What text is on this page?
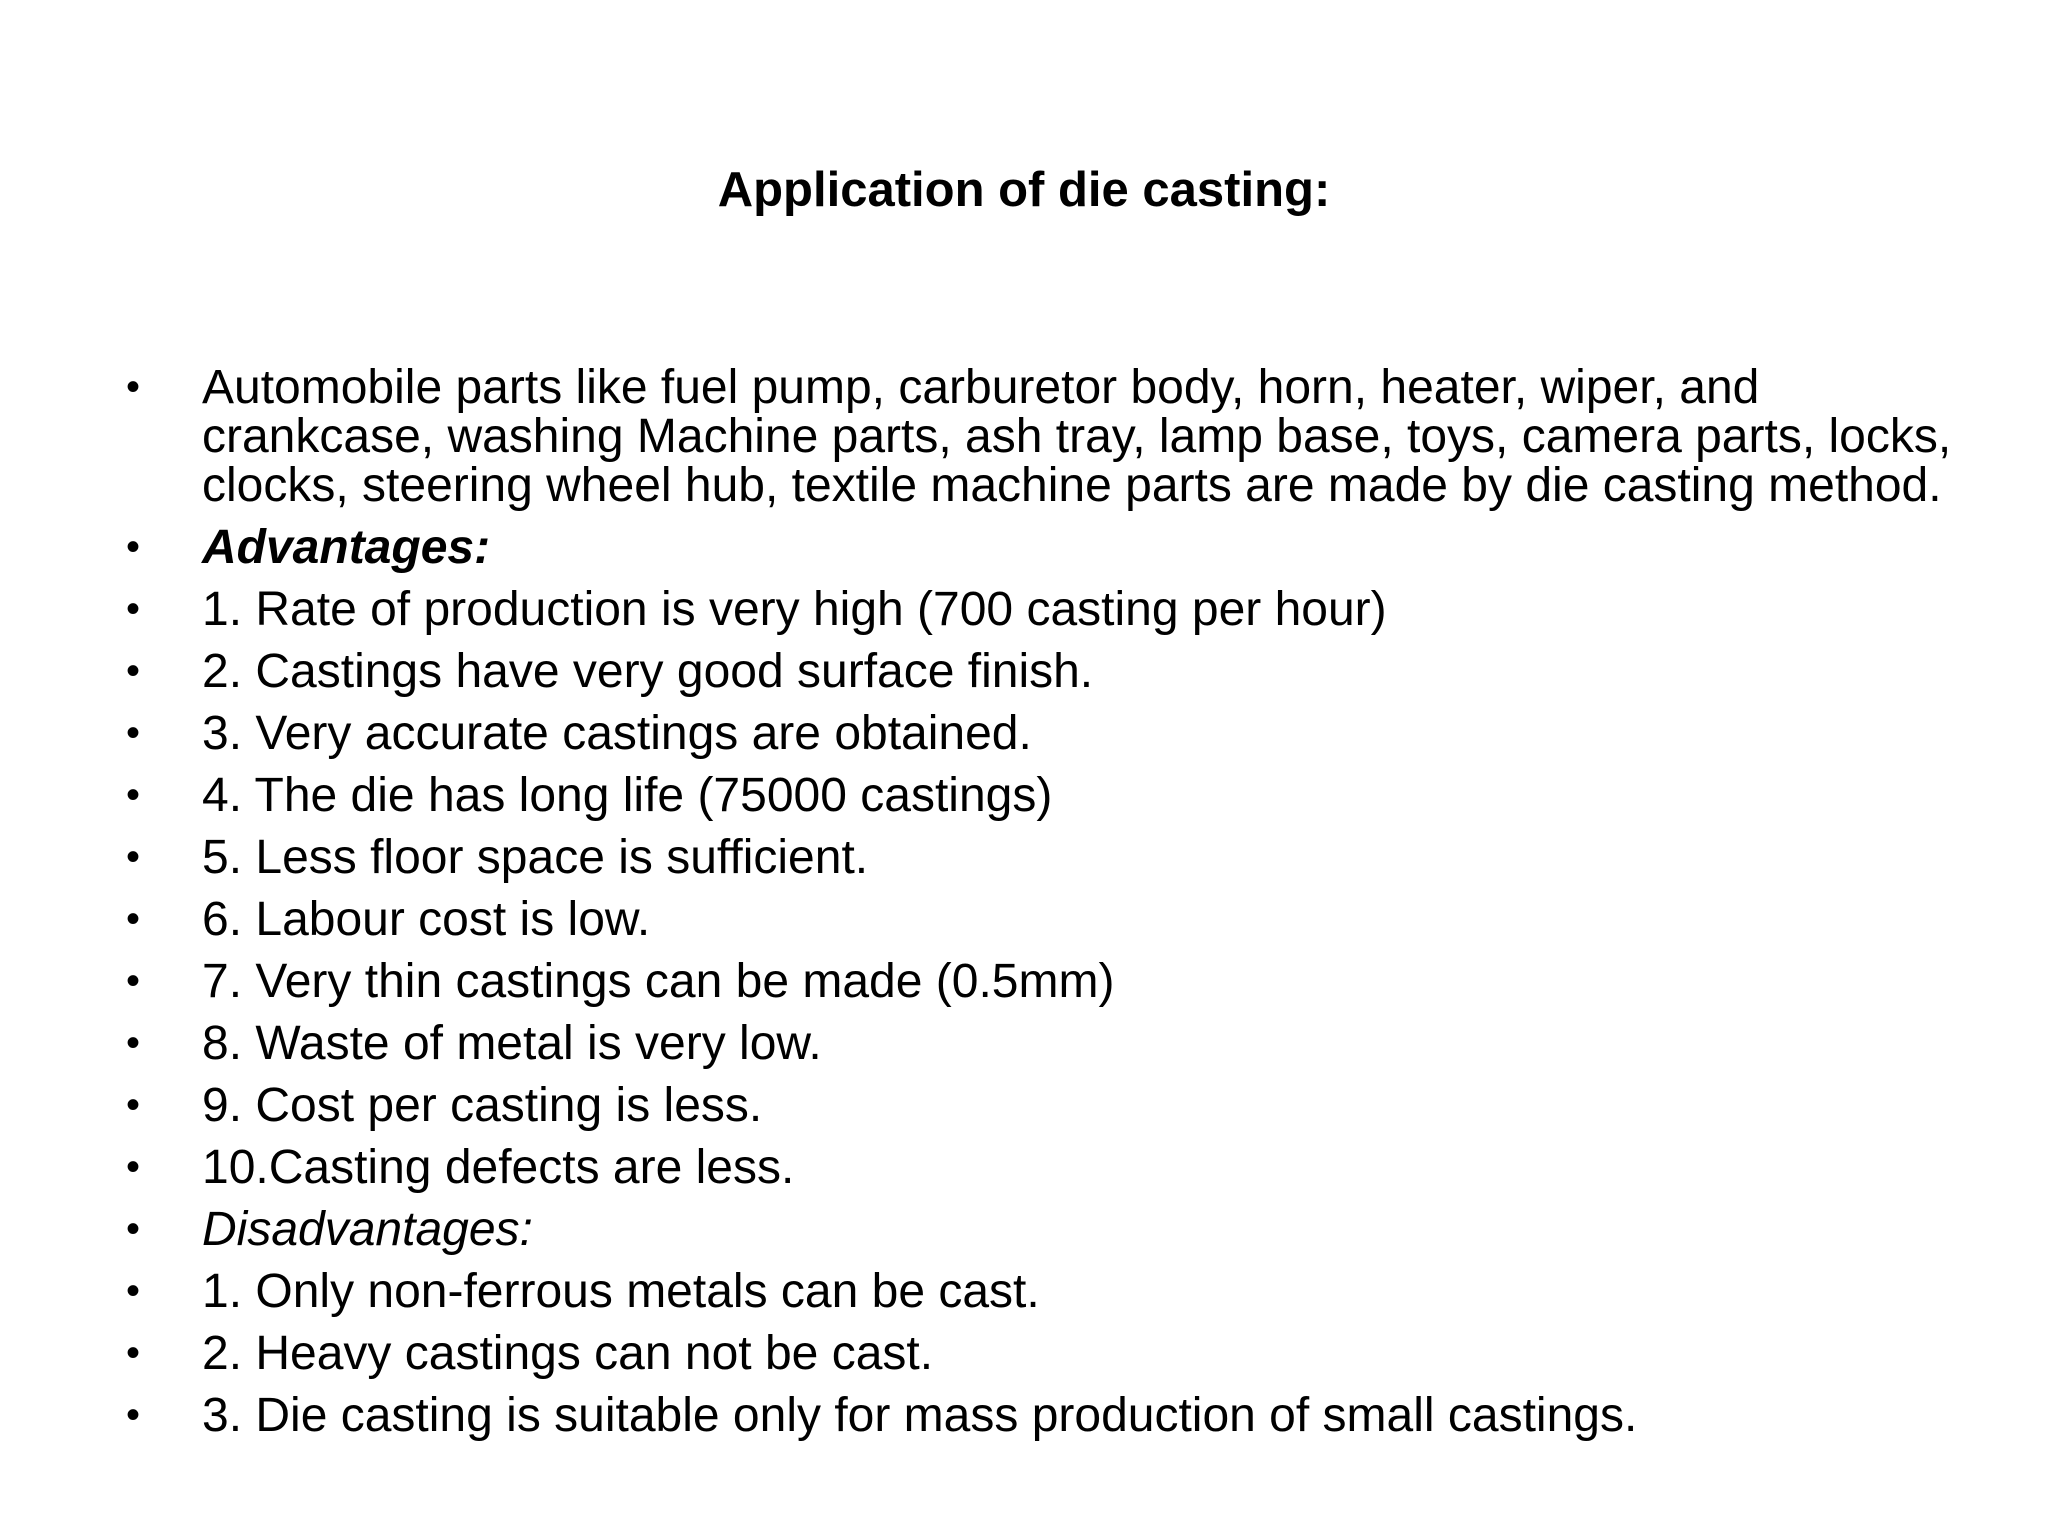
Application of die casting:
• Automobile parts like fuel pump, carburetor body, horn, heater, wiper, and crankcase, washing Machine parts, ash tray, lamp base, toys, camera parts, locks, clocks, steering wheel hub, textile machine parts are made by die casting method.
• Advantages:
• 1. Rate of production is very high (700 casting per hour)
• 2. Castings have very good surface finish.
• 3. Very accurate castings are obtained.
• 4. The die has long life (75000 castings)
• 5. Less floor space is sufficient.
• 6. Labour cost is low.
• 7. Very thin castings can be made (0.5mm)
• 8. Waste of metal is very low.
• 9. Cost per casting is less.
• 10.Casting defects are less.
• Disadvantages:
• 1. Only non-ferrous metals can be cast.
• 2. Heavy castings can not be cast.
• 3. Die casting is suitable only for mass production of small castings.
